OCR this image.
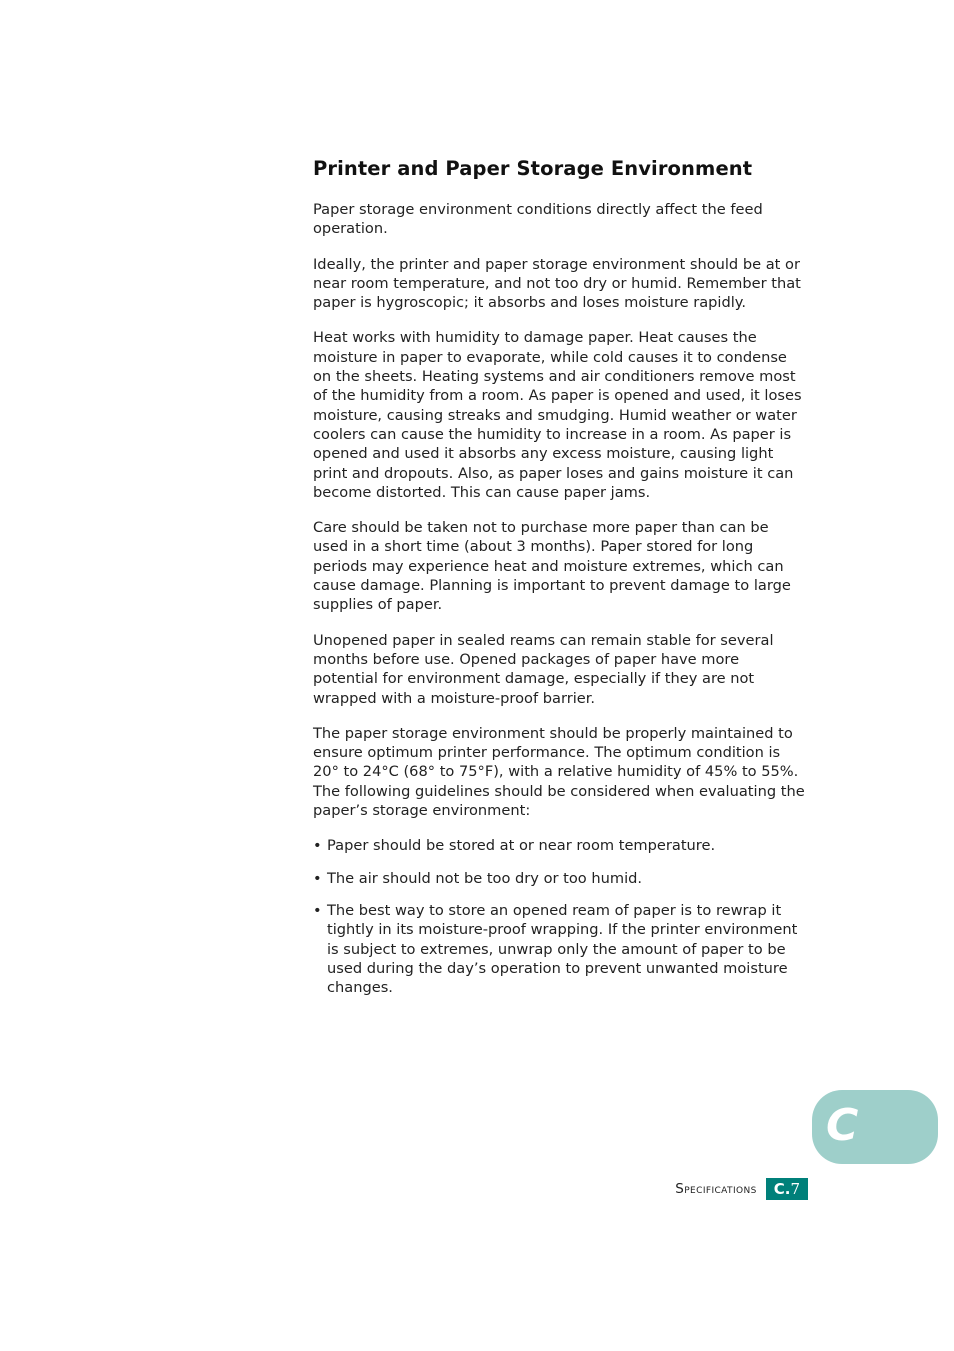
Printer and Paper Storage Environment

Paper storage environment conditions directly affect the feed operation.

Ideally, the printer and paper storage environment should be at or near room temperature, and not too dry or humid. Remember that paper is hygroscopic; it absorbs and loses moisture rapidly.

Heat works with humidity to damage paper. Heat causes the moisture in paper to evaporate, while cold causes it to condense on the sheets. Heating systems and air conditioners remove most of the humidity from a room. As paper is opened and used, it loses moisture, causing streaks and smudging. Humid weather or water coolers can cause the humidity to increase in a room. As paper is opened and used it absorbs any excess moisture, causing light print and dropouts. Also, as paper loses and gains moisture it can become distorted. This can cause paper jams.

Care should be taken not to purchase more paper than can be used in a short time (about 3 months). Paper stored for long periods may experience heat and moisture extremes, which can cause damage. Planning is important to prevent damage to large supplies of paper.

Unopened paper in sealed reams can remain stable for several months before use. Opened packages of paper have more potential for environment damage, especially if they are not wrapped with a moisture-proof barrier.

The paper storage environment should be properly maintained to ensure optimum printer performance. The optimum condition is 20° to 24°C (68° to 75°F), with a relative humidity of 45% to 55%. The following guidelines should be considered when evaluating the paper’s storage environment:

• Paper should be stored at or near room temperature.
• The air should not be too dry or too humid.
• The best way to store an opened ream of paper is to rewrap it tightly in its moisture-proof wrapping. If the printer environment is subject to extremes, unwrap only the amount of paper to be used during the day’s operation to prevent unwanted moisture changes.
C
Specifications	C.7
